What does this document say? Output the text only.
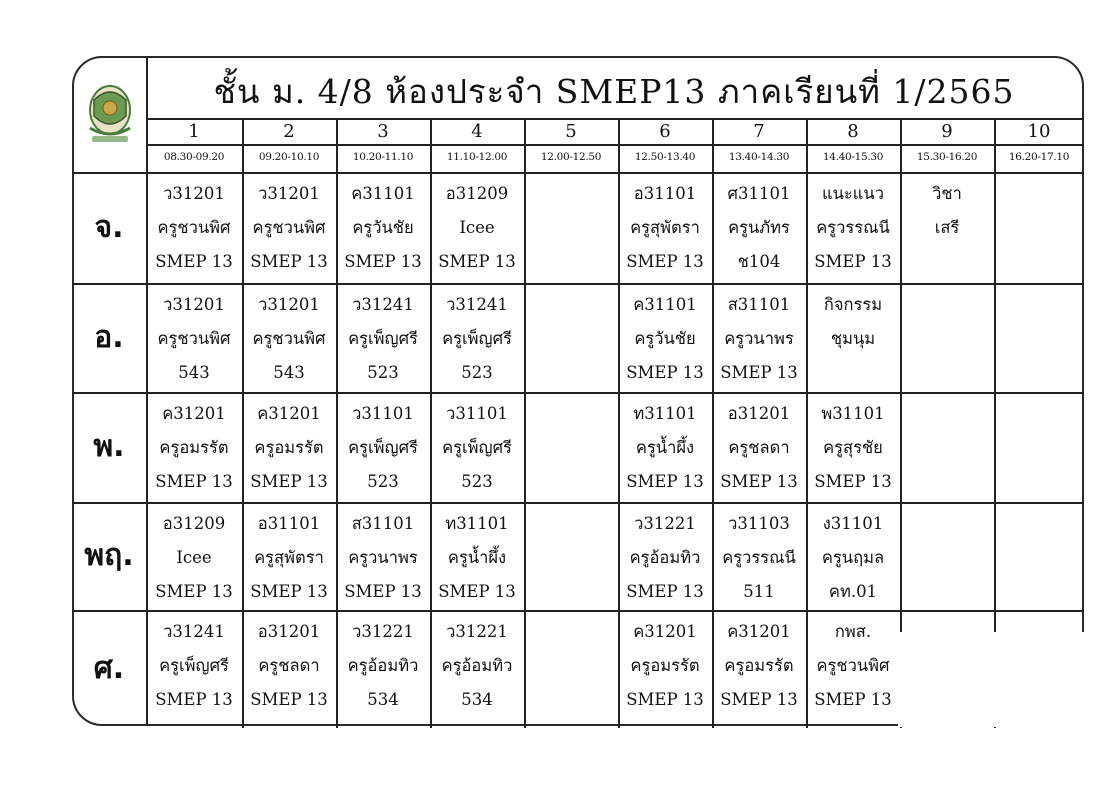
ชั้น ม. 4/8 ห้องประจำ SMEP13 ภาคเรียนที่ 1/2565
1
08.30-09.20
2
09.20-10.10
3
10.20-11.10
4
11.10-12.00
5
12.00-12.50
6
12.50-13.40
7
13.40-14.30
8
14.40-15.30
9
15.30-16.20
10
16.20-17.10
จ.
ว31201
ครูชวนพิศ
SMEP 13
ว31201
ครูชวนพิศ
SMEP 13
ค31101
ครูวันชัย
SMEP 13
อ31209
Icee
SMEP 13
อ31101
ครูสุพัตรา
SMEP 13
ศ31101
ครูนภัทร
ช104
แนะแนว
ครูวรรณนี
SMEP 13
วิชา
เสรี
อ.
ว31201
ครูชวนพิศ
543
ว31201
ครูชวนพิศ
543
ว31241
ครูเพ็ญศรี
523
ว31241
ครูเพ็ญศรี
523
ค31101
ครูวันชัย
SMEP 13
ส31101
ครูวนาพร
SMEP 13
กิจกรรม
ชุมนุม
พ.
ค31201
ครูอมรรัต
SMEP 13
ค31201
ครูอมรรัต
SMEP 13
ว31101
ครูเพ็ญศรี
523
ว31101
ครูเพ็ญศรี
523
ท31101
ครูน้ำผึ้ง
SMEP 13
อ31201
ครูชลดา
SMEP 13
พ31101
ครูสุรชัย
SMEP 13
พฤ.
อ31209
Icee
SMEP 13
อ31101
ครูสุพัตรา
SMEP 13
ส31101
ครูวนาพร
SMEP 13
ท31101
ครูน้ำผึ้ง
SMEP 13
ว31221
ครูอ้อมทิว
SMEP 13
ว31103
ครูวรรณนี
511
ง31101
ครูนฤมล
คท.01
ศ.
ว31241
ครูเพ็ญศรี
SMEP 13
อ31201
ครูชลดา
SMEP 13
ว31221
ครูอ้อมทิว
534
ว31221
ครูอ้อมทิว
534
ค31201
ครูอมรรัต
SMEP 13
ค31201
ครูอมรรัต
SMEP 13
กพส.
ครูชวนพิศ
SMEP 13
